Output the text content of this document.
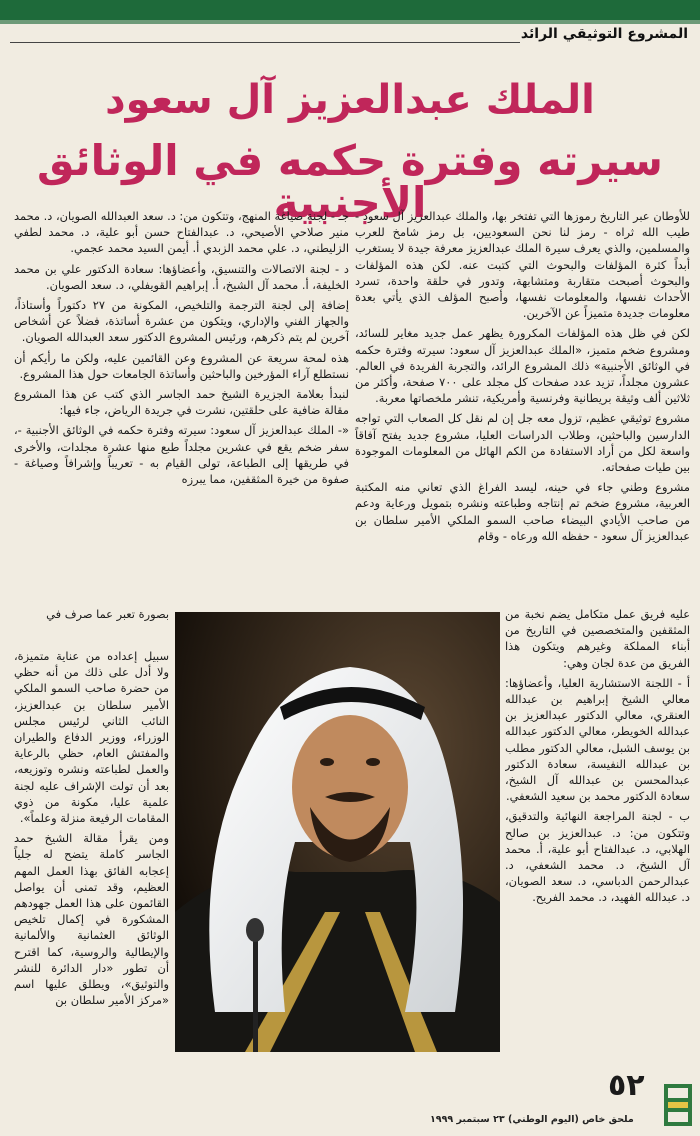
المشروع التوثيقي الرائد
الملك عبدالعزيز آل سعود
سيرته وفترة حكمه في الوثائق الأجنبية

للأوطان عبر التاريخ رموزها التي تفتخر بها، والملك عبدالعزيز آل سعود - طيب الله ثراه - رمز لنا نحن السعوديين، بل رمز شامخ للعرب والمسلمين، والذي يعرف سيرة الملك عبدالعزيز معرفة جيدة لا يستغرب أبداً كثرة المؤلفات والبحوث التي كتبت عنه. لكن هذه المؤلفات والبحوث أصبحت متقاربة ومتشابهة، وتدور في حلقة واحدة، تسرد الأحداث نفسها، والمعلومات نفسها، وأصبح المؤلف الذي يأتي بعدة معلومات جديدة متميزاً عن الآخرين.

لكن في ظل هذه المؤلفات المكرورة يظهر عمل جديد مغاير للسائد، ومشروع ضخم متميز، «الملك عبدالعزيز آل سعود: سيرته وفترة حكمه في الوثائق الأجنبية» ذلك المشروع الرائد، والتجربة الفريدة في العالم. عشرون مجلداً، تزيد عدد صفحات كل مجلد على ٧٠٠ صفحة، وأكثر من ثلاثين ألف وثيقة بريطانية وفرنسية وأمريكية، تنشر ملخصاتها معربة.

مشروع توثيقي عظيم، تزول معه جل إن لم نقل كل الصعاب التي تواجه الدارسين والباحثين، وطلاب الدراسات العليا، مشروع جديد يفتح آفاقاً واسعة لكل من أراد الاستفادة من الكم الهائل من المعلومات الموجودة بين طيات صفحاته.

مشروع وطني جاء في حينه، ليسد الفراغ الذي تعاني منه المكتبة العربية، مشروع ضخم تم إنتاجه وطباعته ونشره بتمويل ورعاية ودعم من صاحب الأيادي البيضاء صاحب السمو الملكي الأمير سلطان بن عبدالعزيز آل سعود - حفظه الله ورعاه - وقام

جـ - لجنة صياغة المنهج، وتتكون من: د. سعد العبدالله الصويان، د. محمد منير صلاحي الأصيحي، د. عبدالفتاح حسن أبو علية، د. محمد لطفي الزليطني، د. علي محمد الزبدي أ. أيمن السيد محمد عجمي.

د - لجنة الاتصالات والتنسيق، وأعضاؤها: سعادة الدكتور علي بن محمد الخليفة، أ. محمد آل الشيخ، أ. إبراهيم القويفلي، د. سعد الصويان.

إضافة إلى لجنة الترجمة والتلخيص، المكونة من ٢٧ دكتوراً وأستاذاً، والجهاز الفني والإداري، ويتكون من عشرة أساتذة، فضلاً عن أشخاص آخرين لم يتم ذكرهم، ورئيس المشروع الدكتور سعد العبدالله الصويان.

هذه لمحة سريعة عن المشروع وعن القائمين عليه، ولكن ما رأيكم أن نستطلع آراء المؤرخين والباحثين وأساتذة الجامعات حول هذا المشروع.

لنبدأ بعلامة الجزيرة الشيخ حمد الجاسر الذي كتب عن هذا المشروع مقالة ضافية على حلقتين، نشرت في جريدة الرياض، جاء فيها:

«- الملك عبدالعزيز آل سعود: سيرته وفترة حكمه في الوثائق الأجنبية -، سفر ضخم يقع في عشرين مجلداً طبع منها عشرة مجلدات، والأخرى في طريقها إلى الطباعة، تولى القيام به - تعريباً وإشرافاً وصياغة - صفوة من خيرة المثقفين، مما يبرزه

بصورة تعبر عما صرف في	عليه فريق عمل متكامل يضم نخبة من المثقفين والمتخصصين في التاريخ من أبناء المملكة وغيرهم ويتكون هذا الفريق من عدة لجان وهي:

أ - اللجنة الاستشارية العليا، وأعضاؤها: معالي الشيخ إبراهيم بن عبدالله العنقري، معالي الدكتور عبدالعزيز بن عبدالله الخويطر، معالي الدكتور عبدالله بن يوسف الشبل، معالي الدكتور مطلب بن عبدالله النفيسة، سعادة الدكتور عبدالمحسن بن عبدالله آل الشيخ، سعادة الدكتور محمد بن سعيد الشعفي.

ب - لجنة المراجعة النهائية والتدقيق، وتتكون من: د. عبدالعزيز بن صالح الهلابي، د. عبدالفتاح أبو علية، أ. محمد آل الشيخ، د. محمد الشعفي، د. عبدالرحمن الدباسي، د. سعد الصويان، د. عبدالله الفهيد، د. محمد الفريح.

سبيل إعداده من عناية متميزة، ولا أدل على ذلك من أنه حظي من حضرة صاحب السمو الملكي الأمير سلطان بن عبدالعزيز، النائب الثاني لرئيس مجلس الوزراء، ووزير الدفاع والطيران والمفتش العام، حظي بالرعاية والعمل لطباعته ونشره وتوزيعه، بعد أن تولت الإشراف عليه لجنة علمية عليا، مكونة من ذوي المقامات الرفيعة منزلة وعلماً».

ومن يقرأ مقالة الشيخ حمد الجاسر كاملة يتضح له جلياً إعجابه الفائق بهذا العمل المهم العظيم، وقد تمنى أن يواصل القائمون على هذا العمل جهودهم المشكورة في إكمال تلخيص الوثائق العثمانية والألمانية والإيطالية والروسية، كما اقترح أن تطور «دار الدائرة للنشر والتوثيق»، ويطلق عليها اسم «مركز الأمير سلطان بن

٥٢
ملحق خاص (اليوم الوطني) ٢٣ سبتمبر ١٩٩٩
